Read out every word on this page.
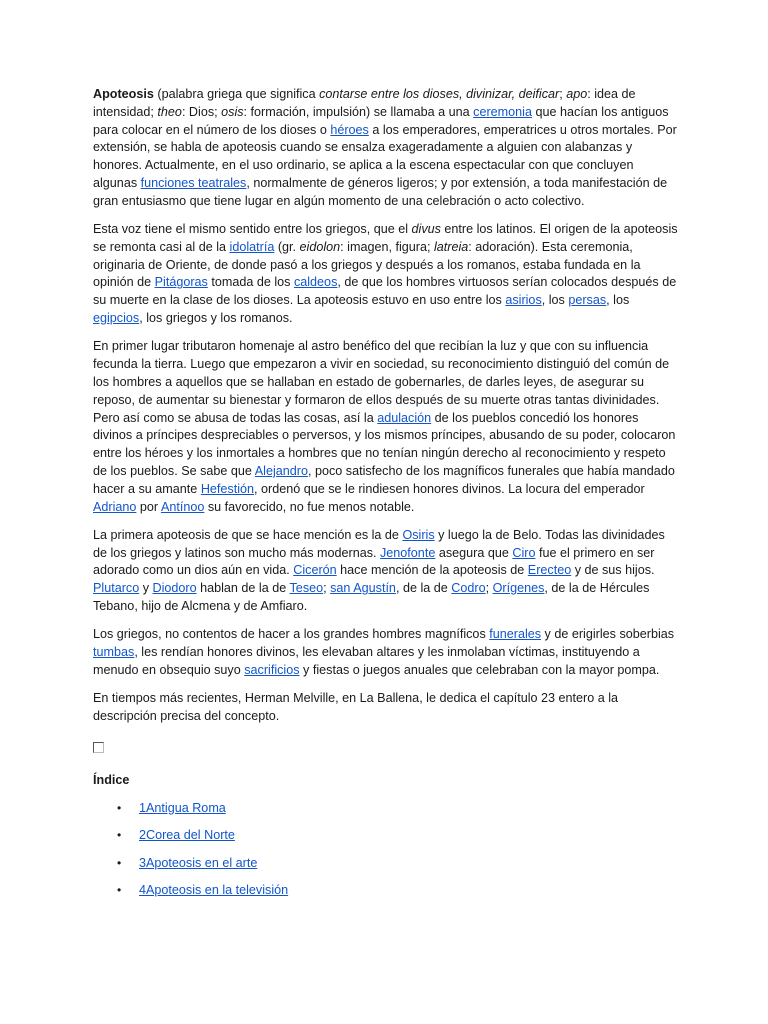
Apoteosis (palabra griega que significa contarse entre los dioses, divinizar, deificar; apo: idea de intensidad; theo: Dios; osis: formación, impulsión) se llamaba a una ceremonia que hacían los antiguos para colocar en el número de los dioses o héroes a los emperadores, emperatrices u otros mortales. Por extensión, se habla de apoteosis cuando se ensalza exageradamente a alguien con alabanzas y honores. Actualmente, en el uso ordinario, se aplica a la escena espectacular con que concluyen algunas funciones teatrales, normalmente de géneros ligeros; y por extensión, a toda manifestación de gran entusiasmo que tiene lugar en algún momento de una celebración o acto colectivo.

Esta voz tiene el mismo sentido entre los griegos, que el divus entre los latinos. El origen de la apoteosis se remonta casi al de la idolatría (gr. eidolon: imagen, figura; latreia: adoración). Esta ceremonia, originaria de Oriente, de donde pasó a los griegos y después a los romanos, estaba fundada en la opinión de Pitágoras tomada de los caldeos, de que los hombres virtuosos serían colocados después de su muerte en la clase de los dioses. La apoteosis estuvo en uso entre los asirios, los persas, los egipcios, los griegos y los romanos.

En primer lugar tributaron homenaje al astro benéfico del que recibían la luz y que con su influencia fecunda la tierra. Luego que empezaron a vivir en sociedad, su reconocimiento distinguió del común de los hombres a aquellos que se hallaban en estado de gobernarles, de darles leyes, de asegurar su reposo, de aumentar su bienestar y formaron de ellos después de su muerte otras tantas divinidades. Pero así como se abusa de todas las cosas, así la adulación de los pueblos concedió los honores divinos a príncipes despreciables o perversos, y los mismos príncipes, abusando de su poder, colocaron entre los héroes y los inmortales a hombres que no tenían ningún derecho al reconocimiento y respeto de los pueblos. Se sabe que Alejandro, poco satisfecho de los magníficos funerales que había mandado hacer a su amante Hefestión, ordenó que se le rindiesen honores divinos. La locura del emperador Adriano por Antínoo su favorecido, no fue menos notable.

La primera apoteosis de que se hace mención es la de Osiris y luego la de Belo. Todas las divinidades de los griegos y latinos son mucho más modernas. Jenofonte asegura que Ciro fue el primero en ser adorado como un dios aún en vida. Cicerón hace mención de la apoteosis de Erecteo y de sus hijos. Plutarco y Diodoro hablan de la de Teseo; san Agustín, de la de Codro; Orígenes, de la de Hércules Tebano, hijo de Alcmena y de Amfiaro.

Los griegos, no contentos de hacer a los grandes hombres magníficos funerales y de erigirles soberbias tumbas, les rendían honores divinos, les elevaban altares y les inmolaban víctimas, instituyendo a menudo en obsequio suyo sacrificios y fiestas o juegos anuales que celebraban con la mayor pompa.

En tiempos más recientes, Herman Melville, en La Ballena, le dedica el capítulo 23 entero a la descripción precisa del concepto.

Índice
• 1Antigua Roma
• 2Corea del Norte
• 3Apoteosis en el arte
• 4Apoteosis en la televisión
